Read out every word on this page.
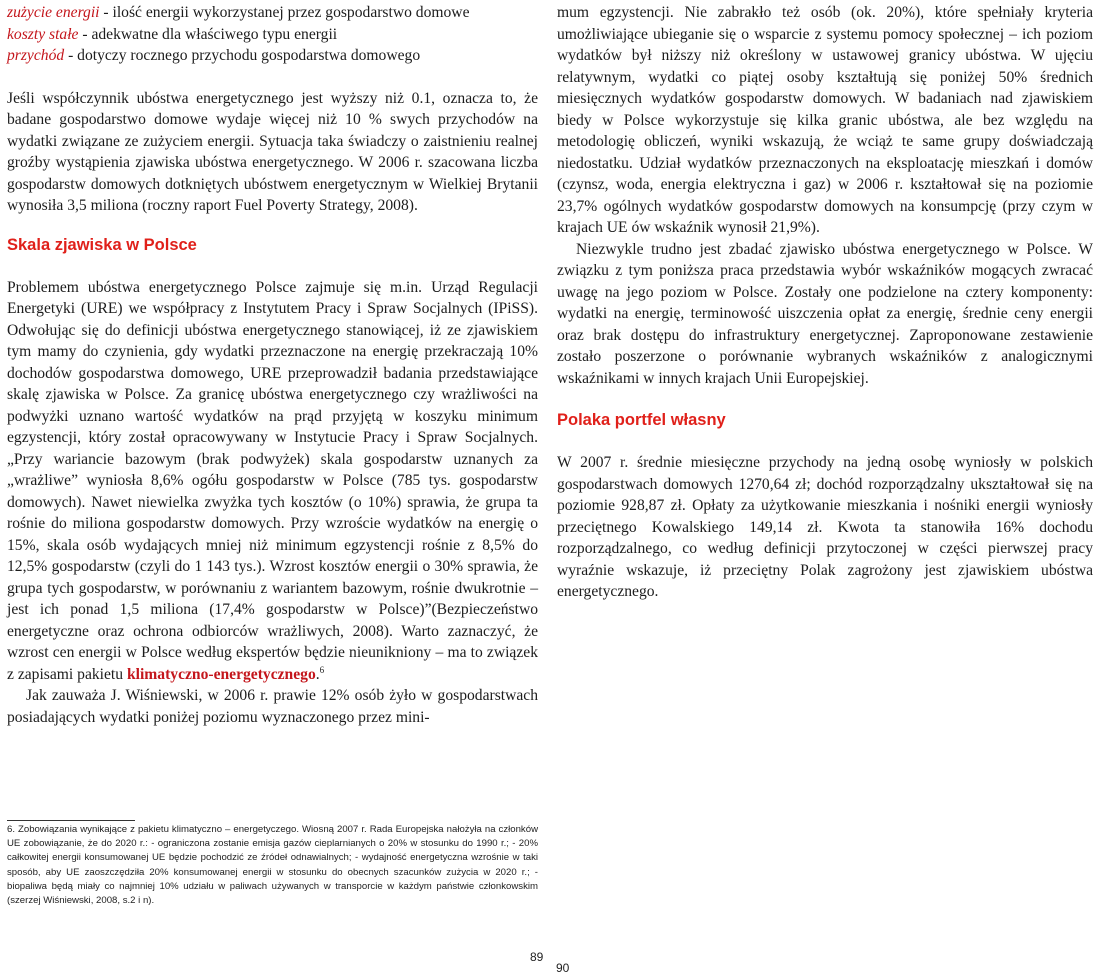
zużycie energii - ilość energii wykorzystanej przez gospodarstwo domowe

koszty stałe - adekwatne dla właściwego typu energii

przychód - dotyczy rocznego przychodu gospodarstwa domowego

Jeśli współczynnik ubóstwa energetycznego jest wyższy niż 0.1, oznacza to, że badane gospodarstwo domowe wydaje więcej niż 10 % swych przychodów na wydatki związane ze zużyciem energii. Sytuacja taka świadczy o zaistnieniu realnej groźby wystąpienia zjawiska ubóstwa energetycznego. W 2006 r. szacowana liczba gospodarstw domowych dotkniętych ubóstwem energetycznym w Wielkiej Brytanii wynosiła 3,5 miliona (roczny raport Fuel Poverty Strategy, 2008).

Skala zjawiska w Polsce

Problemem ubóstwa energetycznego Polsce zajmuje się m.in. Urząd Regulacji Energetyki (URE) we współpracy z Instytutem Pracy i Spraw Socjalnych (IPiSS). Odwołując się do definicji ubóstwa energetycznego stanowiącej, iż ze zjawiskiem tym mamy do czynienia, gdy wydatki przeznaczone na energię przekraczają 10% dochodów gospodarstwa domowego, URE przeprowadził badania przedstawiające skalę zjawiska w Polsce. Za granicę ubóstwa energetycznego czy wrażliwości na podwyżki uznano wartość wydatków na prąd przyjętą w koszyku minimum egzystencji, który został opracowywany w Instytucie Pracy i Spraw Socjalnych. „Przy wariancie bazowym (brak podwyżek) skala gospodarstw uznanych za „wrażliwe” wyniosła 8,6% ogółu gospodarstw w Polsce (785 tys. gospodarstw domowych). Nawet niewielka zwyżka tych kosztów (o 10%) sprawia, że grupa ta rośnie do miliona gospodarstw domowych. Przy wzroście wydatków na energię o 15%, skala osób wydających mniej niż minimum egzystencji rośnie z 8,5% do 12,5% gospodarstw (czyli do 1 143 tys.). Wzrost kosztów energii o 30% sprawia, że grupa tych gospodarstw, w porównaniu z wariantem bazowym, rośnie dwukrotnie – jest ich ponad 1,5 miliona (17,4% gospodarstw w Polsce)”(Bezpieczeństwo energetyczne oraz ochrona odbiorców wrażliwych, 2008). Warto zaznaczyć, że wzrost cen energii w Polsce według ekspertów będzie nieunikniony – ma to związek z zapisami pakietu klimatyczno-energetycznego.$^6$

Jak zauważa J. Wiśniewski, w 2006 r. prawie 12% osób żyło w gospodarstwach posiadających wydatki poniżej poziomu wyznaczonego przez mini-

mum egzystencji. Nie zabrakło też osób (ok. 20%), które spełniały kryteria umożliwiające ubieganie się o wsparcie z systemu pomocy społecznej – ich poziom wydatków był niższy niż określony w ustawowej granicy ubóstwa. W ujęciu relatywnym, wydatki co piątej osoby kształtują się poniżej 50% średnich miesięcznych wydatków gospodarstw domowych. W badaniach nad zjawiskiem biedy w Polsce wykorzystuje się kilka granic ubóstwa, ale bez względu na metodologię obliczeń, wyniki wskazują, że wciąż te same grupy doświadczają niedostatku. Udział wydatków przeznaczonych na eksploatację mieszkań i domów (czynsz, woda, energia elektryczna i gaz) w 2006 r. kształtował się na poziomie 23,7% ogólnych wydatków gospodarstw domowych na konsumpcję (przy czym w krajach UE ów wskaźnik wynosił 21,9%).

Niezwykle trudno jest zbadać zjawisko ubóstwa energetycznego w Polsce. W związku z tym poniższa praca przedstawia wybór wskaźników mogących zwracać uwagę na jego poziom w Polsce. Zostały one podzielone na cztery komponenty: wydatki na energię, terminowość uiszczenia opłat za energię, średnie ceny energii oraz brak dostępu do infrastruktury energetycznej. Zaproponowane zestawienie zostało poszerzone o porównanie wybranych wskaźników z analogicznymi wskaźnikami w innych krajach Unii Europejskiej.

Polaka portfel własny

W 2007 r. średnie miesięczne przychody na jedną osobę wyniosły w polskich gospodarstwach domowych 1270,64 zł; dochód rozporządzalny ukształtował się na poziomie 928,87 zł. Opłaty za użytkowanie mieszkania i nośniki energii wyniosły przeciętnego Kowalskiego 149,14 zł. Kwota ta stanowiła 16% dochodu rozporządzalnego, co według definicji przytoczonej w części pierwszej pracy wyraźnie wskazuje, iż przeciętny Polak zagrożony jest zjawiskiem ubóstwa energetycznego.

6. Zobowiązania wynikające z pakietu klimatyczno – energetyczego. Wiosną 2007 r. Rada Europejska nałożyła na członków UE zobowiązanie, że do 2020 r.: - ograniczona zostanie emisja gazów cieplarnianych o 20% w stosunku do 1990 r.; - 20% całkowitej energii konsumowanej UE będzie pochodzić ze źródeł odnawialnych; - wydajność energetyczna wzrośnie w taki sposób, aby UE zaoszczędziła 20% konsumowanej energii w stosunku do obecnych szacunków zużycia w 2020 r.; - biopaliwa będą miały co najmniej 10% udziału w paliwach używanych w transporcie w każdym państwie członkowskim (szerzej Wiśniewski, 2008, s.2 i n).
89
90
